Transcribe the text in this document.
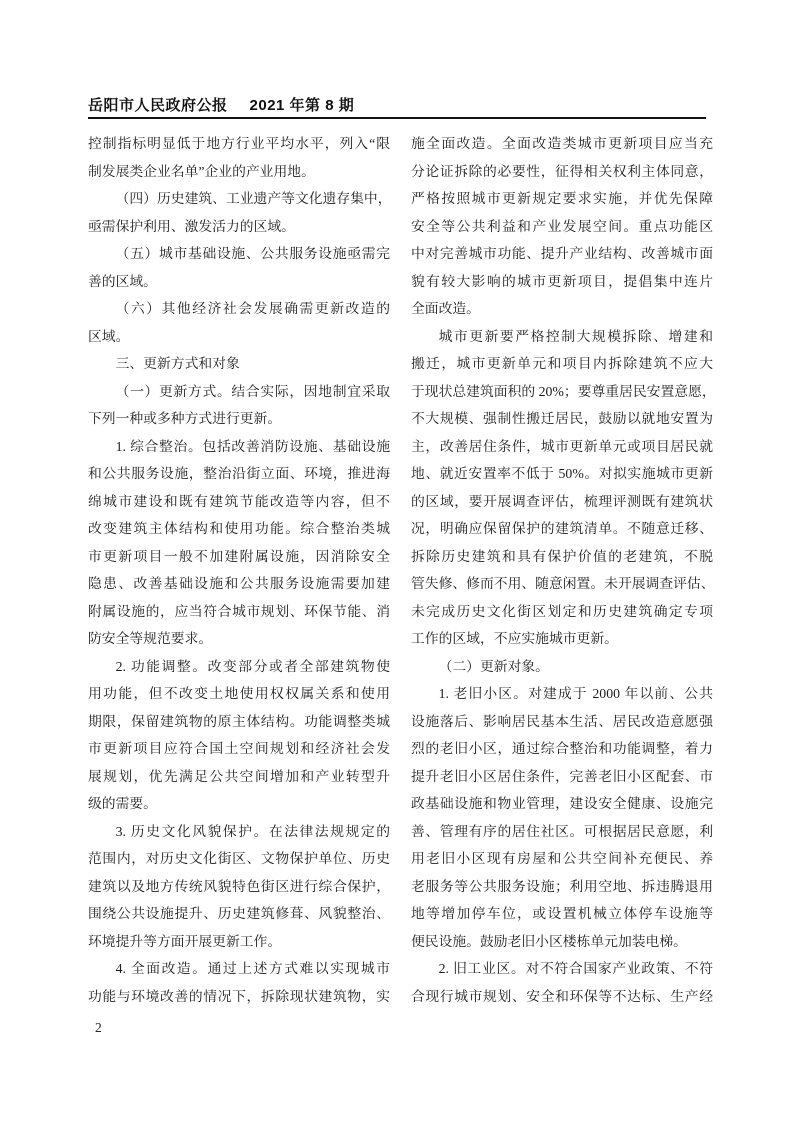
岳阳市人民政府公报 2021 年第 8 期
控制指标明显低于地方行业平均水平，列入“限
制发展类企业名单”企业的产业用地。
（四）历史建筑、工业遗产等文化遗存集中，
亟需保护利用、激发活力的区域。
（五）城市基础设施、公共服务设施亟需完
善的区域。
（六）其他经济社会发展确需更新改造的
区域。
三、更新方式和对象
（一）更新方式。结合实际，因地制宜采取
下列一种或多种方式进行更新。
1. 综合整治。包括改善消防设施、基础设施
和公共服务设施，整治沿街立面、环境，推进海
绵城市建设和既有建筑节能改造等内容，但不
改变建筑主体结构和使用功能。综合整治类城
市更新项目一般不加建附属设施，因消除安全
隐患、改善基础设施和公共服务设施需要加建
附属设施的，应当符合城市规划、环保节能、消
防安全等规范要求。
2. 功能调整。改变部分或者全部建筑物使
用功能，但不改变土地使用权权属关系和使用
期限，保留建筑物的原主体结构。功能调整类城
市更新项目应符合国土空间规划和经济社会发
展规划，优先满足公共空间增加和产业转型升
级的需要。
3. 历史文化风貌保护。在法律法规规定的
范围内，对历史文化街区、文物保护单位、历史
建筑以及地方传统风貌特色街区进行综合保护，
围绕公共设施提升、历史建筑修葺、风貌整治、
环境提升等方面开展更新工作。
4. 全面改造。通过上述方式难以实现城市
功能与环境改善的情况下，拆除现状建筑物，实
施全面改造。全面改造类城市更新项目应当充
分论证拆除的必要性，征得相关权利主体同意，
严格按照城市更新规定要求实施，并优先保障
安全等公共利益和产业发展空间。重点功能区
中对完善城市功能、提升产业结构、改善城市面
貌有较大影响的城市更新项目，提倡集中连片
全面改造。
城市更新要严格控制大规模拆除、增建和
搬迁，城市更新单元和项目内拆除建筑不应大
于现状总建筑面积的 20%；要尊重居民安置意愿，
不大规模、强制性搬迁居民，鼓励以就地安置为
主，改善居住条件，城市更新单元或项目居民就
地、就近安置率不低于 50%。对拟实施城市更新
的区域，要开展调查评估，梳理评测既有建筑状
况，明确应保留保护的建筑清单。不随意迁移、
拆除历史建筑和具有保护价值的老建筑，不脱
管失修、修而不用、随意闲置。未开展调查评估、
未完成历史文化街区划定和历史建筑确定专项
工作的区域，不应实施城市更新。
（二）更新对象。
1. 老旧小区。对建成于 2000 年以前、公共
设施落后、影响居民基本生活、居民改造意愿强
烈的老旧小区，通过综合整治和功能调整，着力
提升老旧小区居住条件，完善老旧小区配套、市
政基础设施和物业管理，建设安全健康、设施完
善、管理有序的居住社区。可根据居民意愿，利
用老旧小区现有房屋和公共空间补充便民、养
老服务等公共服务设施；利用空地、拆违腾退用
地等增加停车位，或设置机械立体停车设施等
便民设施。鼓励老旧小区楼栋单元加装电梯。
2. 旧工业区。对不符合国家产业政策、不符
合现行城市规划、安全和环保等不达标、生产经
2
